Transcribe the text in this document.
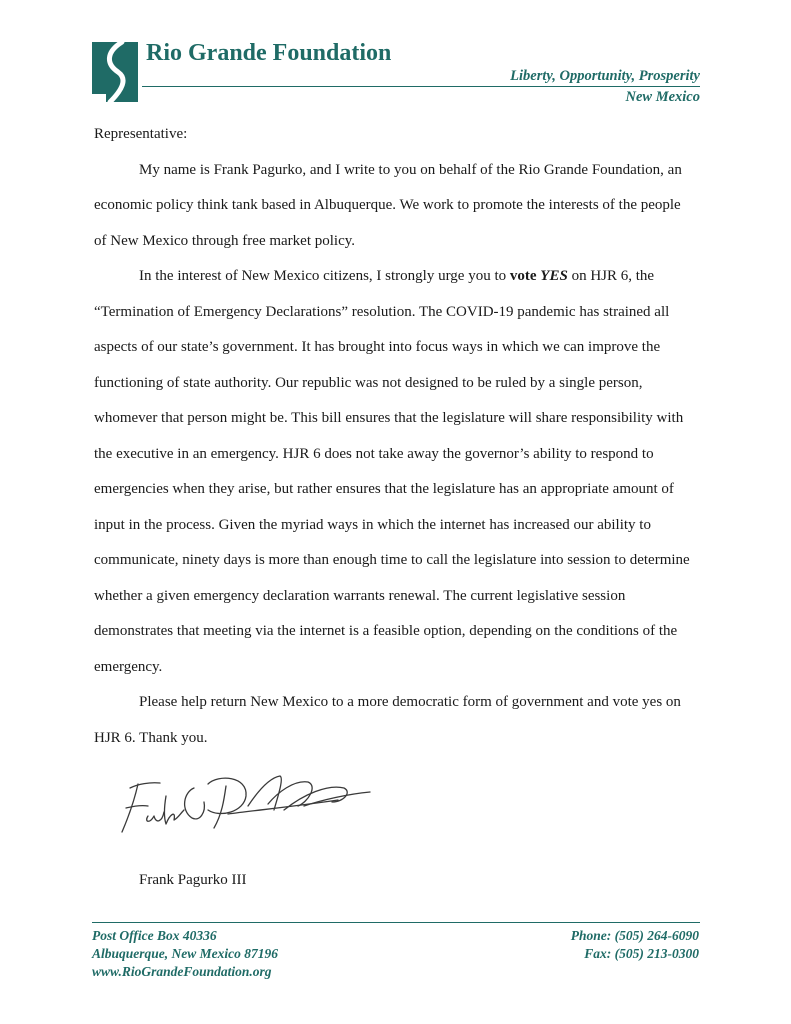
Rio Grande Foundation
Liberty, Opportunity, Prosperity
New Mexico

Representative:

My name is Frank Pagurko, and I write to you on behalf of the Rio Grande Foundation, an economic policy think tank based in Albuquerque. We work to promote the interests of the people of New Mexico through free market policy.

In the interest of New Mexico citizens, I strongly urge you to vote YES on HJR 6, the “Termination of Emergency Declarations” resolution. The COVID-19 pandemic has strained all aspects of our state’s government. It has brought into focus ways in which we can improve the functioning of state authority. Our republic was not designed to be ruled by a single person, whomever that person might be. This bill ensures that the legislature will share responsibility with the executive in an emergency. HJR 6 does not take away the governor’s ability to respond to emergencies when they arise, but rather ensures that the legislature has an appropriate amount of input in the process. Given the myriad ways in which the internet has increased our ability to communicate, ninety days is more than enough time to call the legislature into session to determine whether a given emergency declaration warrants renewal. The current legislative session demonstrates that meeting via the internet is a feasible option, depending on the conditions of the emergency.

Please help return New Mexico to a more democratic form of government and vote yes on HJR 6. Thank you.

Frank Pagurko III
Post Office Box 40336
Albuquerque, New Mexico 87196
www.RioGrandeFoundation.org
Phone: (505) 264-6090
Fax: (505) 213-0300
